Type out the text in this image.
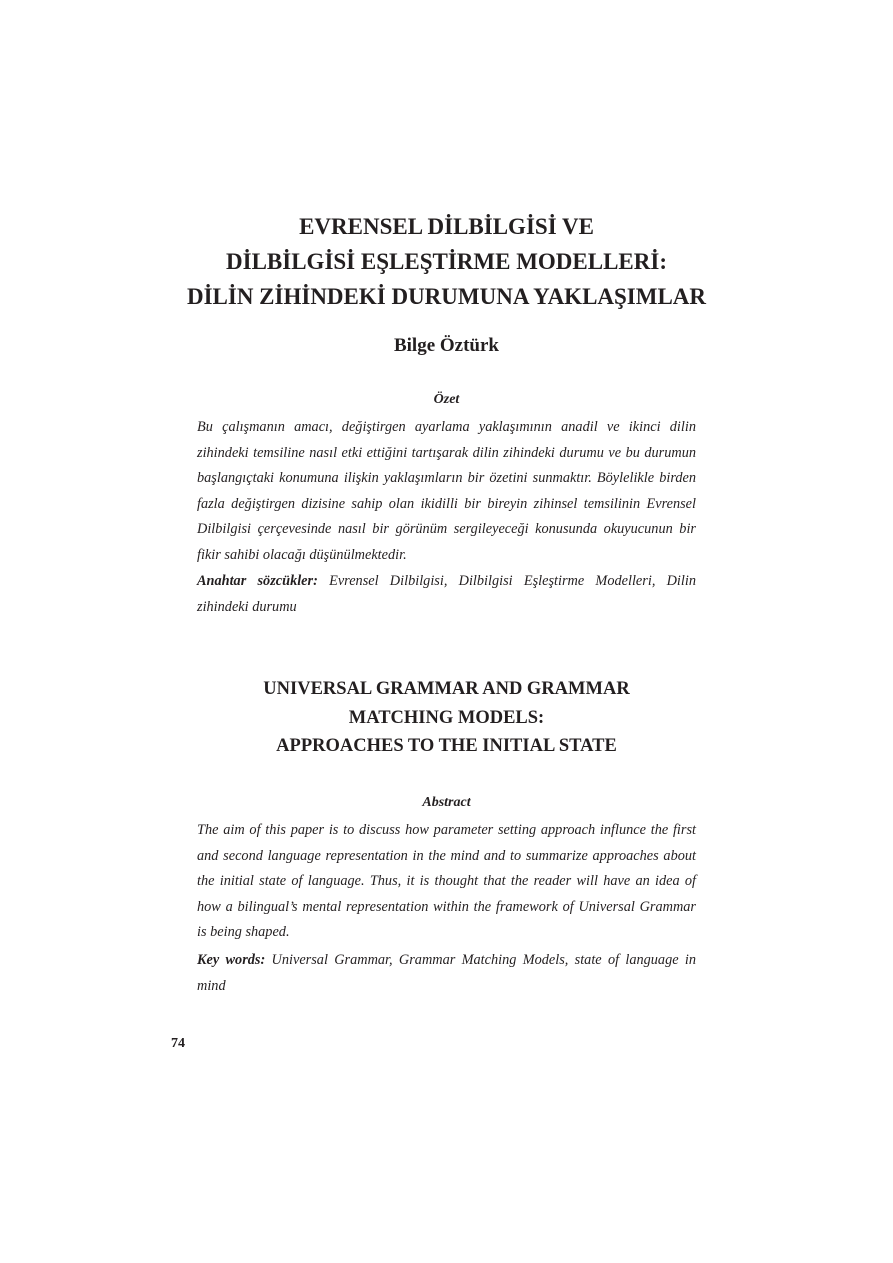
EVRENSEL DİLBİLGİSİ VE
DİLBİLGİSİ EŞLEŞTİRME MODELLERİ:
DİLİN ZİHİNDEKİ DURUMUNA YAKLAŞIMLAR
Bilge Öztürk
Özet

Bu çalışmanın amacı, değiştirgen ayarlama yaklaşımının anadil ve ikinci dilin zihindeki temsiline nasıl etki ettiğini tartışarak dilin zihindeki durumu ve bu durumun başlangıçtaki konumuna ilişkin yaklaşımların bir özetini sunmaktır. Böylelikle birden fazla değiştirgen dizisine sahip olan ikidilli bir bireyin zihinsel temsilinin Evrensel Dilbilgisi çerçevesinde nasıl bir görünüm sergileyeceği konusunda okuyucunun bir fikir sahibi olacağı düşünülmektedir.

Anahtar sözcükler: Evrensel Dilbilgisi, Dilbilgisi Eşleştirme Modelleri, Dilin zihindeki durumu

UNIVERSAL GRAMMAR AND GRAMMAR
MATCHING MODELS:
APPROACHES TO THE INITIAL STATE
Abstract

The aim of this paper is to discuss how parameter setting approach influnce the first and second language representation in the mind and to summarize approaches about the initial state of language. Thus, it is thought that the reader will have an idea of how a bilingual’s mental representation within the framework of Universal Grammar is being shaped.

Key words: Universal Grammar, Grammar Matching Models, state of language in mind

74
